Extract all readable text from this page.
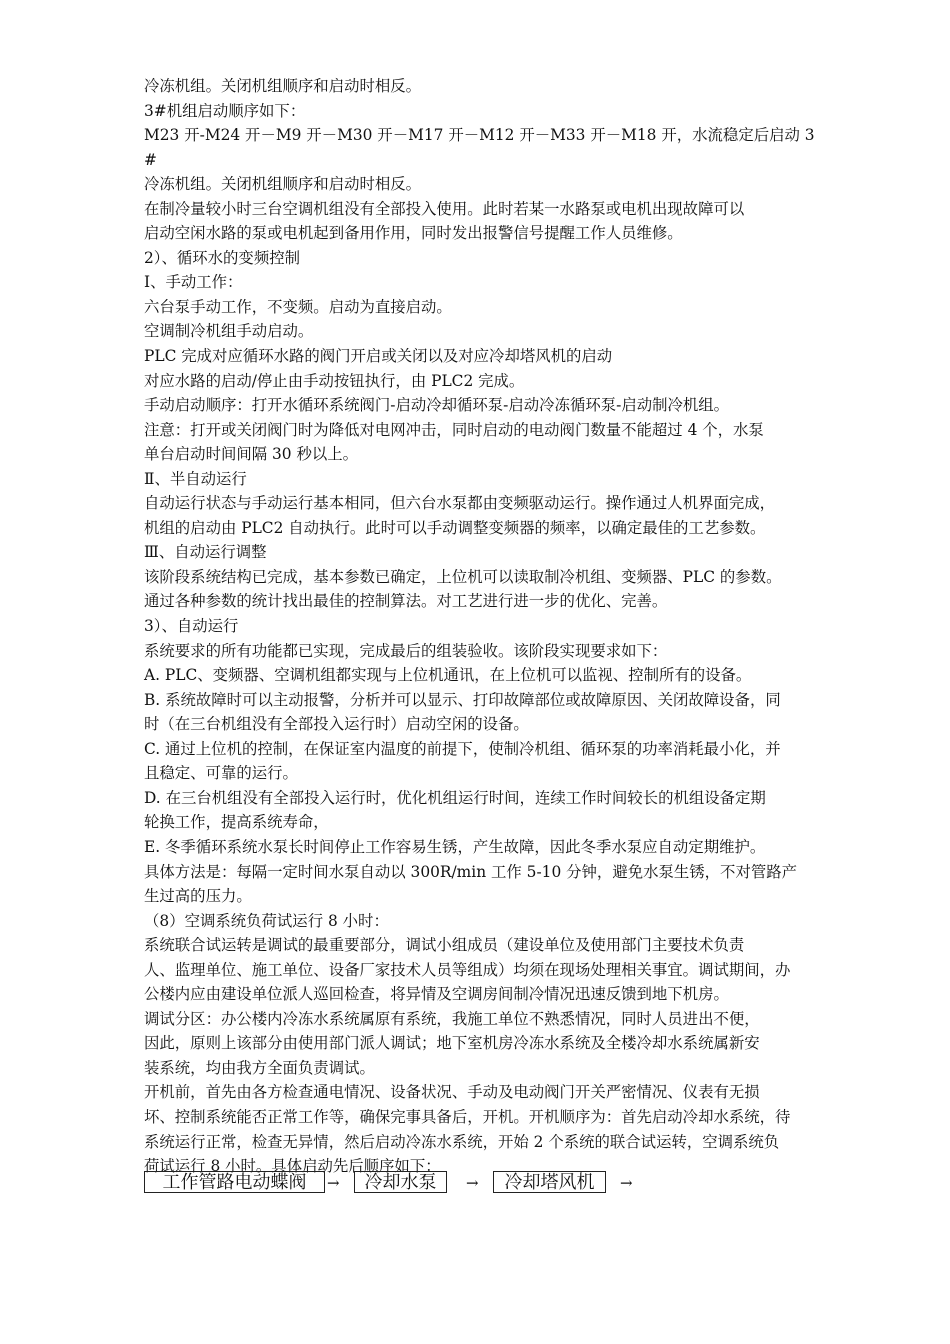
冷冻机组。关闭机组顺序和启动时相反。

3#机组启动顺序如下：

M23 开-M24 开－M9 开－M30 开－M17 开－M12 开－M33 开－M18 开，水流稳定后启动 3#

冷冻机组。关闭机组顺序和启动时相反。

在制冷量较小时三台空调机组没有全部投入使用。此时若某一水路泵或电机出现故障可以

启动空闲水路的泵或电机起到备用作用，同时发出报警信号提醒工作人员维修。

2）、循环水的变频控制

Ⅰ、手动工作：

六台泵手动工作，不变频。启动为直接启动。

空调制冷机组手动启动。

PLC 完成对应循环水路的阀门开启或关闭以及对应冷却塔风机的启动

对应水路的启动/停止由手动按钮执行，由 PLC2 完成。

手动启动顺序：打开水循环系统阀门-启动冷却循环泵-启动冷冻循环泵-启动制冷机组。

注意：打开或关闭阀门时为降低对电网冲击，同时启动的电动阀门数量不能超过 4 个，水泵

单台启动时间间隔 30 秒以上。

Ⅱ、半自动运行

自动运行状态与手动运行基本相同，但六台水泵都由变频驱动运行。操作通过人机界面完成，

机组的启动由 PLC2 自动执行。此时可以手动调整变频器的频率，以确定最佳的工艺参数。

Ⅲ、自动运行调整

该阶段系统结构已完成，基本参数已确定，上位机可以读取制冷机组、变频器、PLC 的参数。

通过各种参数的统计找出最佳的控制算法。对工艺进行进一步的优化、完善。

3）、自动运行

系统要求的所有功能都已实现，完成最后的组装验收。该阶段实现要求如下：

A. PLC、变频器、空调机组都实现与上位机通讯，在上位机可以监视、控制所有的设备。

B. 系统故障时可以主动报警，分析并可以显示、打印故障部位或故障原因、关闭故障设备，同

时（在三台机组没有全部投入运行时）启动空闲的设备。

C. 通过上位机的控制，在保证室内温度的前提下，使制冷机组、循环泵的功率消耗最小化，并

且稳定、可靠的运行。

D. 在三台机组没有全部投入运行时，优化机组运行时间，连续工作时间较长的机组设备定期

轮换工作，提高系统寿命，

E. 冬季循环系统水泵长时间停止工作容易生锈，产生故障，因此冬季水泵应自动定期维护。

具体方法是：每隔一定时间水泵自动以 300R/min 工作 5-10 分钟，避免水泵生锈，不对管路产

生过高的压力。

（8）空调系统负荷试运行 8 小时：

系统联合试运转是调试的最重要部分，调试小组成员（建设单位及使用部门主要技术负责

人、监理单位、施工单位、设备厂家技术人员等组成）均须在现场处理相关事宜。调试期间，办

公楼内应由建设单位派人巡回检查，将异情及空调房间制冷情况迅速反馈到地下机房。

调试分区：办公楼内冷冻水系统属原有系统，我施工单位不熟悉情况，同时人员进出不便，

因此，原则上该部分由使用部门派人调试；地下室机房冷冻水系统及全楼冷却水系统属新安

装系统，均由我方全面负责调试。

开机前，首先由各方检查通电情况、设备状况、手动及电动阀门开关严密情况、仪表有无损

坏、控制系统能否正常工作等，确保完事具备后，开机。开机顺序为：首先启动冷却水系统，待

系统运行正常，检查无异情，然后启动冷冻水系统，开始 2 个系统的联合试运转，空调系统负

荷试运行 8 小时。具体启动先后顺序如下：

工作管路电动蝶阀	→	冷却水泵	→	冷却塔风机	→
